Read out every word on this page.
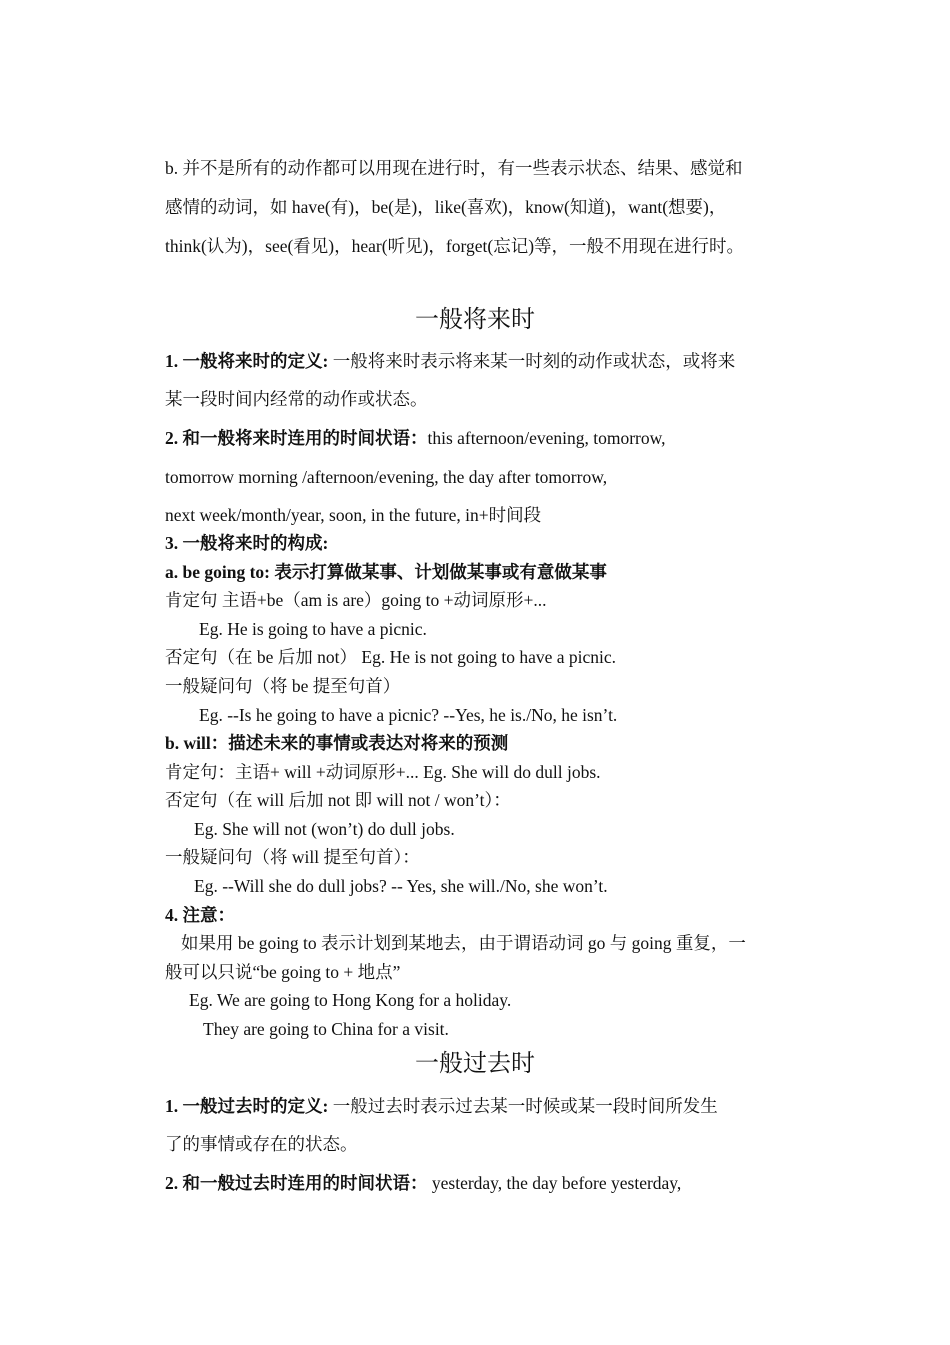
b. 并不是所有的动作都可以用现在进行时，有一些表示状态、结果、感觉和
感情的动词，如 have(有)，be(是)，like(喜欢)，know(知道)，want(想要)，
think(认为)，see(看见)，hear(听见)，forget(忘记)等，一般不用现在进行时。
一般将来时
1. 一般将来时的定义: 一般将来时表示将来某一时刻的动作或状态，或将来
某一段时间内经常的动作或状态。
2. 和一般将来时连用的时间状语：this afternoon/evening, tomorrow,
tomorrow morning /afternoon/evening, the day after tomorrow,
next week/month/year, soon, in the future, in+时间段
3. 一般将来时的构成:
a. be going to: 表示打算做某事、计划做某事或有意做某事
肯定句 主语+be（am is are）going to +动词原形+...
Eg. He is going to have a picnic.
否定句（在 be 后加 not） Eg. He is not going to have a picnic.
一般疑问句（将 be 提至句首）
Eg. --Is he going to have a picnic? --Yes, he is./No, he isn’t.
b. will：描述未来的事情或表达对将来的预测
肯定句：主语+ will +动词原形+... Eg. She will do dull jobs.
否定句（在 will 后加 not 即 will not / won’t）：
Eg. She will not (won’t) do dull jobs.
一般疑问句（将 will 提至句首）：
Eg. --Will she do dull jobs? -- Yes, she will./No, she won’t.
4. 注意：
如果用 be going to 表示计划到某地去，由于谓语动词 go 与 going 重复，一
般可以只说“be going to + 地点”
Eg. We are going to Hong Kong for a holiday.
They are going to China for a visit.
一般过去时
1. 一般过去时的定义: 一般过去时表示过去某一时候或某一段时间所发生
了的事情或存在的状态。
2. 和一般过去时连用的时间状语： yesterday, the day before yesterday,
